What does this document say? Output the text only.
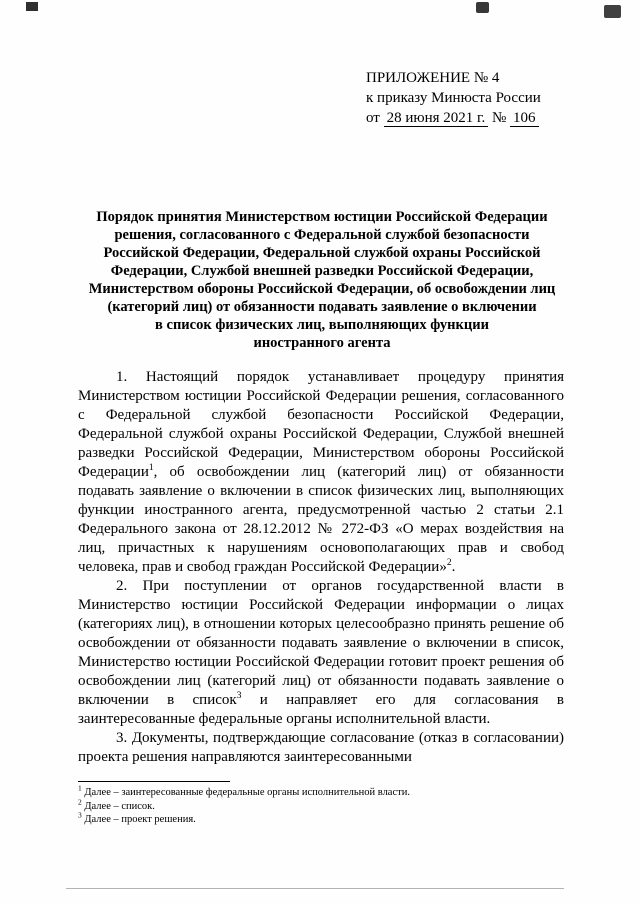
ПРИЛОЖЕНИЕ № 4
к приказу Минюста России
от 28 июня 2021 г. № 106
Порядок принятия Министерством юстиции Российской Федерации
решения, согласованного с Федеральной службой безопасности
Российской Федерации, Федеральной службой охраны Российской
Федерации, Службой внешней разведки Российской Федерации,
Министерством обороны Российской Федерации, об освобождении лиц
(категорий лиц) от обязанности подавать заявление о включении
в список физических лиц, выполняющих функции
иностранного агента

1. Настоящий порядок устанавливает процедуру принятия Министерством юстиции Российской Федерации решения, согласованного с Федеральной службой безопасности Российской Федерации, Федеральной службой охраны Российской Федерации, Службой внешней разведки Российской Федерации, Министерством обороны Российской Федерации$^1$, об освобождении лиц (категорий лиц) от обязанности подавать заявление о включении в список физических лиц, выполняющих функции иностранного агента, предусмотренной частью 2 статьи 2.1 Федерального закона от 28.12.2012 № 272-ФЗ «О мерах воздействия на лиц, причастных к нарушениям основополагающих прав и свобод человека, прав и свобод граждан Российской Федерации»$^2$.

2. При поступлении от органов государственной власти в Министерство юстиции Российской Федерации информации о лицах (категориях лиц), в отношении которых целесообразно принять решение об освобождении от обязанности подавать заявление о включении в список, Министерство юстиции Российской Федерации готовит проект решения об освобождении лиц (категорий лиц) от обязанности подавать заявление о включении в список$^3$ и направляет его для согласования в заинтересованные федеральные органы исполнительной власти.

3. Документы, подтверждающие согласование (отказ в согласовании) проекта решения направляются заинтересованными

$^1$ Далее – заинтересованные федеральные органы исполнительной власти.
$^2$ Далее – список.
$^3$ Далее – проект решения.
